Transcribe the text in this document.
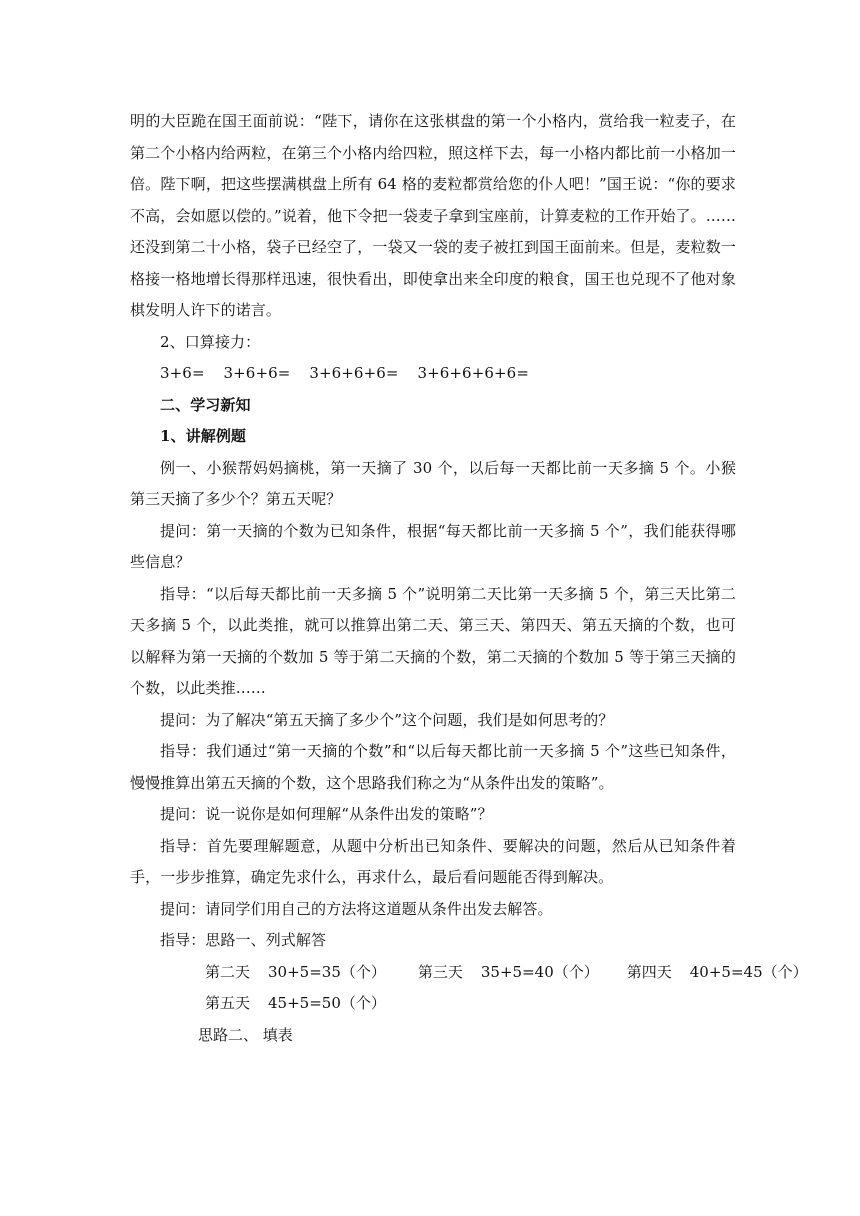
明的大臣跪在国王面前说：“陛下，请你在这张棋盘的第一个小格内，赏给我一粒麦子，在第二个小格内给两粒，在第三个小格内给四粒，照这样下去，每一小格内都比前一小格加一倍。陛下啊，把这些摆满棋盘上所有 64 格的麦粒都赏给您的仆人吧！”国王说：“你的要求不高，会如愿以偿的。”说着，他下令把一袋麦子拿到宝座前，计算麦粒的工作开始了。……还没到第二十小格，袋子已经空了，一袋又一袋的麦子被扛到国王面前来。但是，麦粒数一格接一格地增长得那样迅速，很快看出，即使拿出来全印度的粮食，国王也兑现不了他对象棋发明人许下的诺言。

2、口算接力：

3+6= 3+6+6= 3+6+6+6= 3+6+6+6+6=

二、学习新知

1、讲解例题

例一、小猴帮妈妈摘桃，第一天摘了 30 个，以后每一天都比前一天多摘 5 个。小猴第三天摘了多少个？第五天呢？

提问：第一天摘的个数为已知条件，根据“每天都比前一天多摘 5 个”，我们能获得哪些信息？

指导：“以后每天都比前一天多摘 5 个”说明第二天比第一天多摘 5 个，第三天比第二天多摘 5 个，以此类推，就可以推算出第二天、第三天、第四天、第五天摘的个数，也可以解释为第一天摘的个数加 5 等于第二天摘的个数，第二天摘的个数加 5 等于第三天摘的个数，以此类推……

提问：为了解决“第五天摘了多少个”这个问题，我们是如何思考的？

指导：我们通过“第一天摘的个数”和“以后每天都比前一天多摘 5 个”这些已知条件，慢慢推算出第五天摘的个数，这个思路我们称之为“从条件出发的策略”。

提问：说一说你是如何理解“从条件出发的策略”？

指导：首先要理解题意，从题中分析出已知条件、要解决的问题，然后从已知条件着手，一步步推算，确定先求什么，再求什么，最后看问题能否得到解决。

提问：请同学们用自己的方法将这道题从条件出发去解答。

指导：思路一、列式解答

第二天 30+5=35（个） 第三天 35+5=40（个） 第四天 40+5=45（个）

第五天 45+5=50（个）

思路二、 填表
